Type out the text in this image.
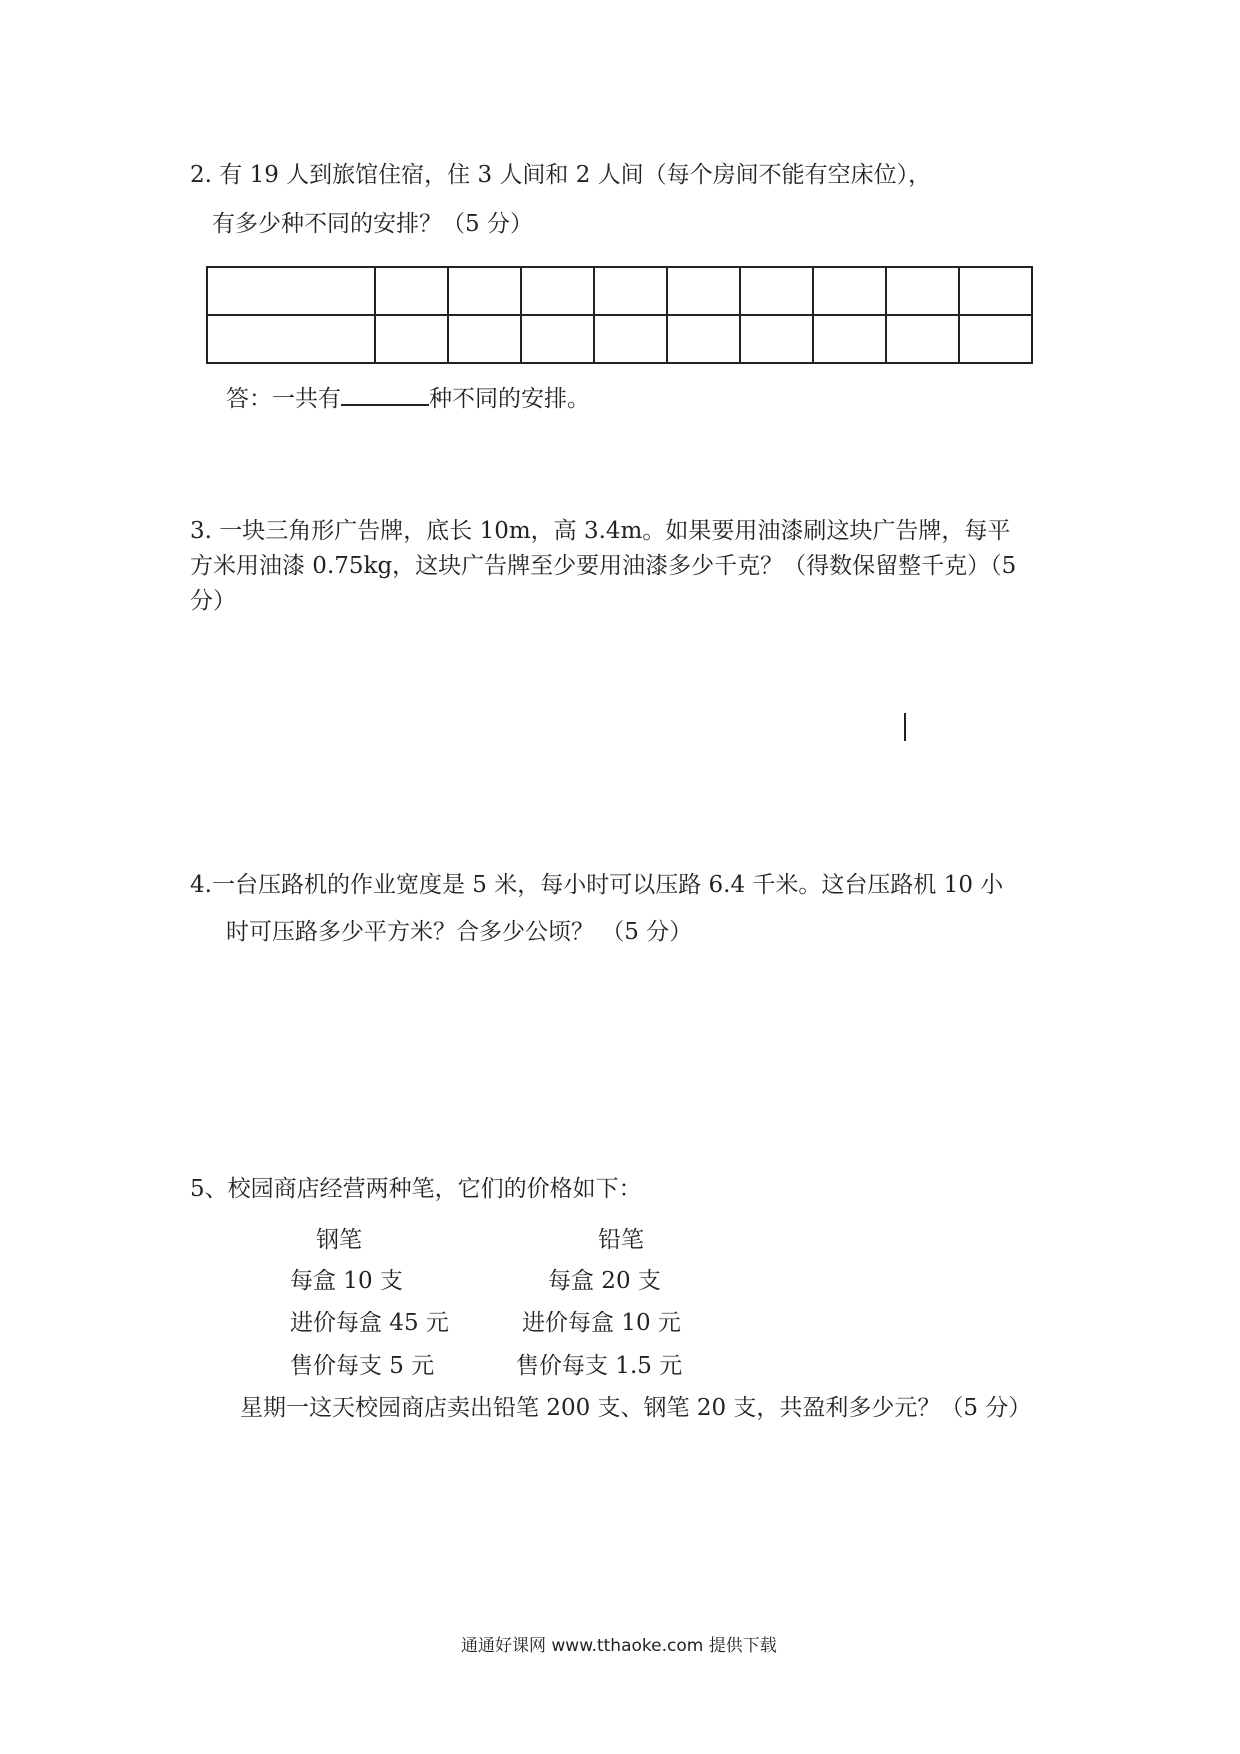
2. 有 19 人到旅馆住宿，住 3 人间和 2 人间（每个房间不能有空床位），
有多少种不同的安排？（5 分）

答：一共有	种不同的安排。
3. 一块三角形广告牌，底长 10m，高 3.4m。如果要用油漆刷这块广告牌，每平
方米用油漆 0.75kg，这块广告牌至少要用油漆多少千克？（得数保留整千克）（5
分）
4.一台压路机的作业宽度是 5 米，每小时可以压路 6.4 千米。这台压路机 10 小
时可压路多少平方米？合多少公顷？ （5 分）
5、校园商店经营两种笔，它们的价格如下：
钢笔	铅笔
每盒 10 支	每盒 20 支
进价每盒 45 元	进价每盒 10 元
售价每支 5 元	售价每支 1.5 元
星期一这天校园商店卖出铅笔 200 支、钢笔 20 支，共盈利多少元？（5 分）
通通好课网 www.tthaoke.com 提供下载
